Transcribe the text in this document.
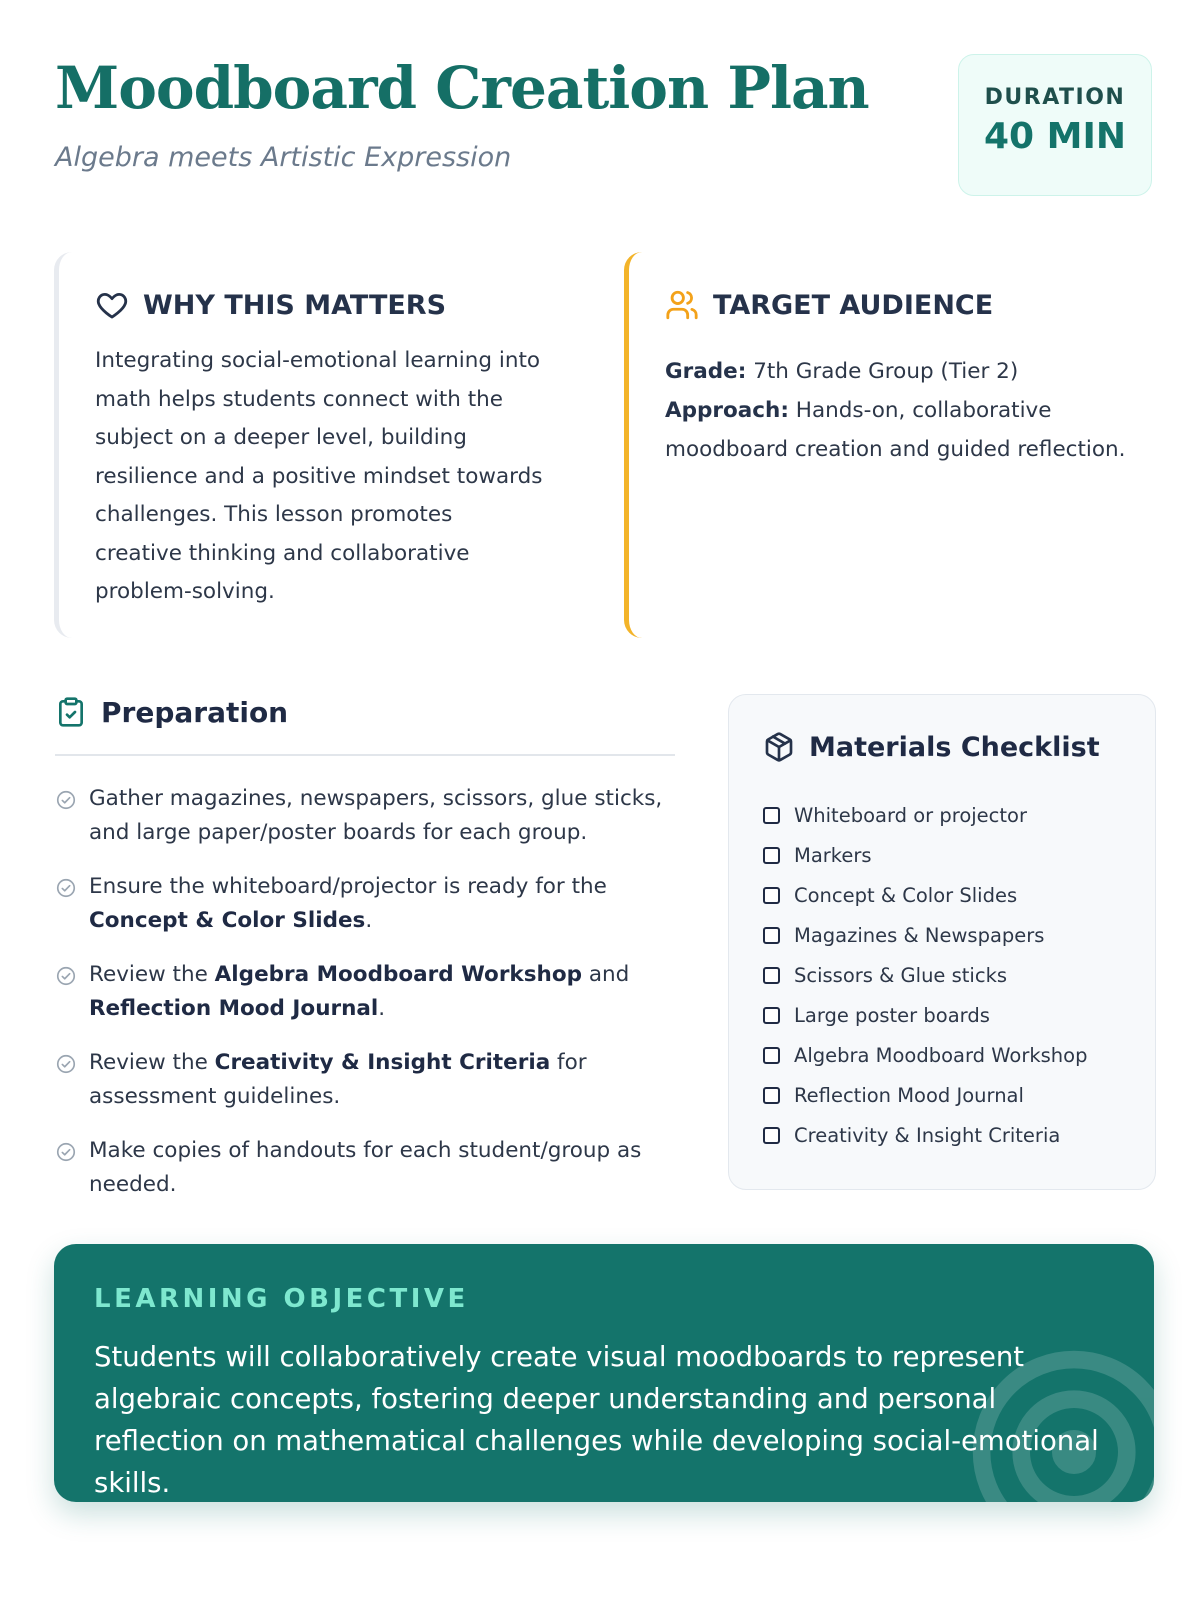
Moodboard Creation Plan
Algebra meets Artistic Expression
DURATION
40 MIN
WHY THIS MATTERS

Integrating social-emotional learning into math helps students connect with the subject on a deeper level, building resilience and a positive mindset towards challenges. This lesson promotes creative thinking and collaborative problem-solving.

TARGET AUDIENCE
Grade: 7th Grade Group (Tier 2)
Approach: Hands-on, collaborative moodboard creation and guided reflection.
Preparation
Gather magazines, newspapers, scissors, glue sticks, and large paper/poster boards for each group.
Ensure the whiteboard/projector is ready for the Concept & Color Slides.
Review the Algebra Moodboard Workshop and Reflection Mood Journal.
Review the Creativity & Insight Criteria for assessment guidelines.
Make copies of handouts for each student/group as needed.
Materials Checklist
Whiteboard or projector
Markers
Concept & Color Slides
Magazines & Newspapers
Scissors & Glue sticks
Large poster boards
Algebra Moodboard Workshop
Reflection Mood Journal
Creativity & Insight Criteria
LEARNING OBJECTIVE

Students will collaboratively create visual moodboards to represent algebraic concepts, fostering deeper understanding and personal reflection on mathematical challenges while developing social-emotional skills.
